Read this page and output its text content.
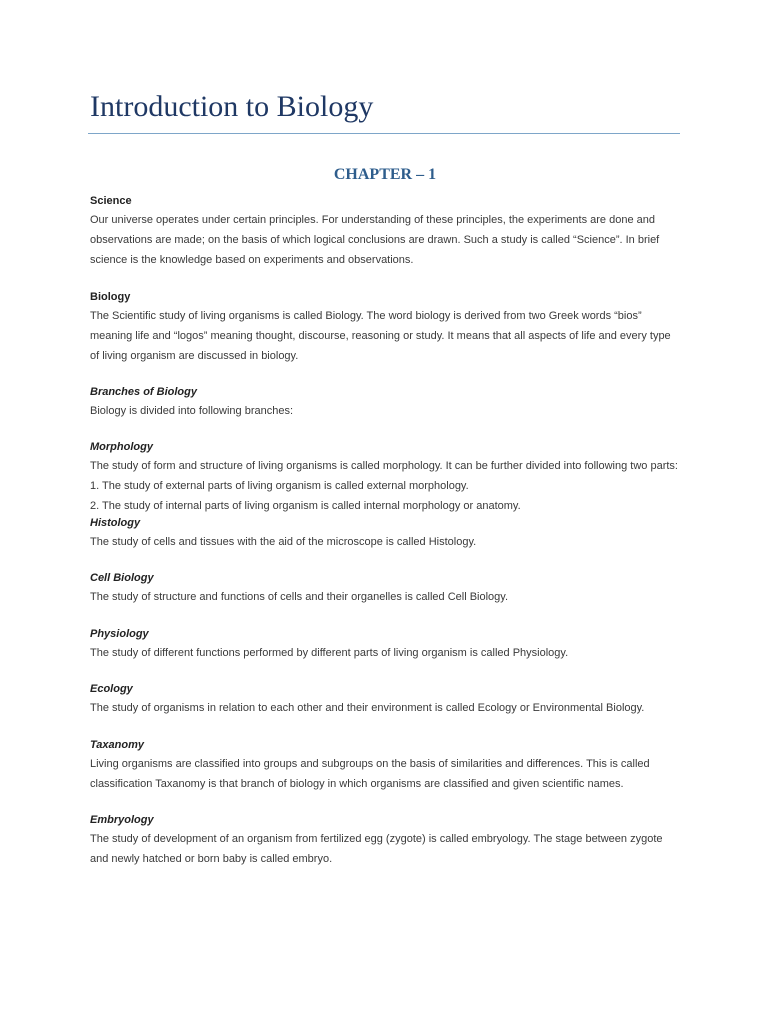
Introduction to Biology
CHAPTER – 1

Science

Our universe operates under certain principles. For understanding of these principles, the experiments are done and observations are made; on the basis of which logical conclusions are drawn. Such a study is called “Science”. In brief science is the knowledge based on experiments and observations.

Biology

The Scientific study of living organisms is called Biology. The word biology is derived from two Greek words “bios” meaning life and “logos” meaning thought, discourse, reasoning or study. It means that all aspects of life and every type of living organism are discussed in biology.

Branches of Biology

Biology is divided into following branches:

Morphology

The study of form and structure of living organisms is called morphology. It can be further divided into following two parts:

1. The study of external parts of living organism is called external morphology.

2. The study of internal parts of living organism is called internal morphology or anatomy.

Histology

The study of cells and tissues with the aid of the microscope is called Histology.

Cell Biology

The study of structure and functions of cells and their organelles is called Cell Biology.

Physiology

The study of different functions performed by different parts of living organism is called Physiology.

Ecology

The study of organisms in relation to each other and their environment is called Ecology or Environmental Biology.

Taxanomy

Living organisms are classified into groups and subgroups on the basis of similarities and differences. This is called classification Taxanomy is that branch of biology in which organisms are classified and given scientific names.

Embryology

The study of development of an organism from fertilized egg (zygote) is called embryology. The stage between zygote and newly hatched or born baby is called embryo.
